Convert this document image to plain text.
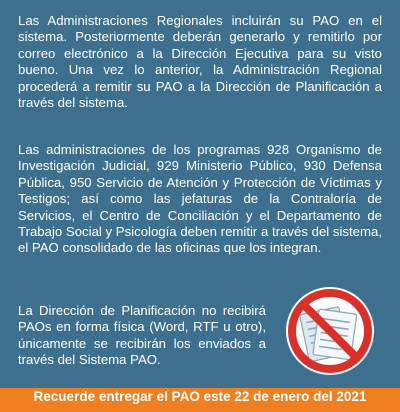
Las Administraciones Regionales incluirán su PAO en el sistema. Posteriormente deberán generarlo y remitirlo por correo electrónico a la Dirección Ejecutiva para su visto bueno. Una vez lo anterior, la Administración Regional procederá a remitir su PAO a la Dirección de Planificación a través del sistema.

Las administraciones de los programas 928 Organismo de Investigación Judicial, 929 Ministerio Público, 930 Defensa Pública, 950 Servicio de Atención y Protección de Víctimas y Testigos; así como las jefaturas de la Contraloría de Servicios, el Centro de Conciliación y el Departamento de Trabajo Social y Psicología deben remitir a través del sistema, el PAO consolidado de las oficinas que los integran.

La Dirección de Planificación no recibirá PAOs en forma física (Word, RTF u otro), únicamente se recibirán los enviados a través del Sistema PAO.

Recuerde entregar el PAO este 22 de enero del 2021
